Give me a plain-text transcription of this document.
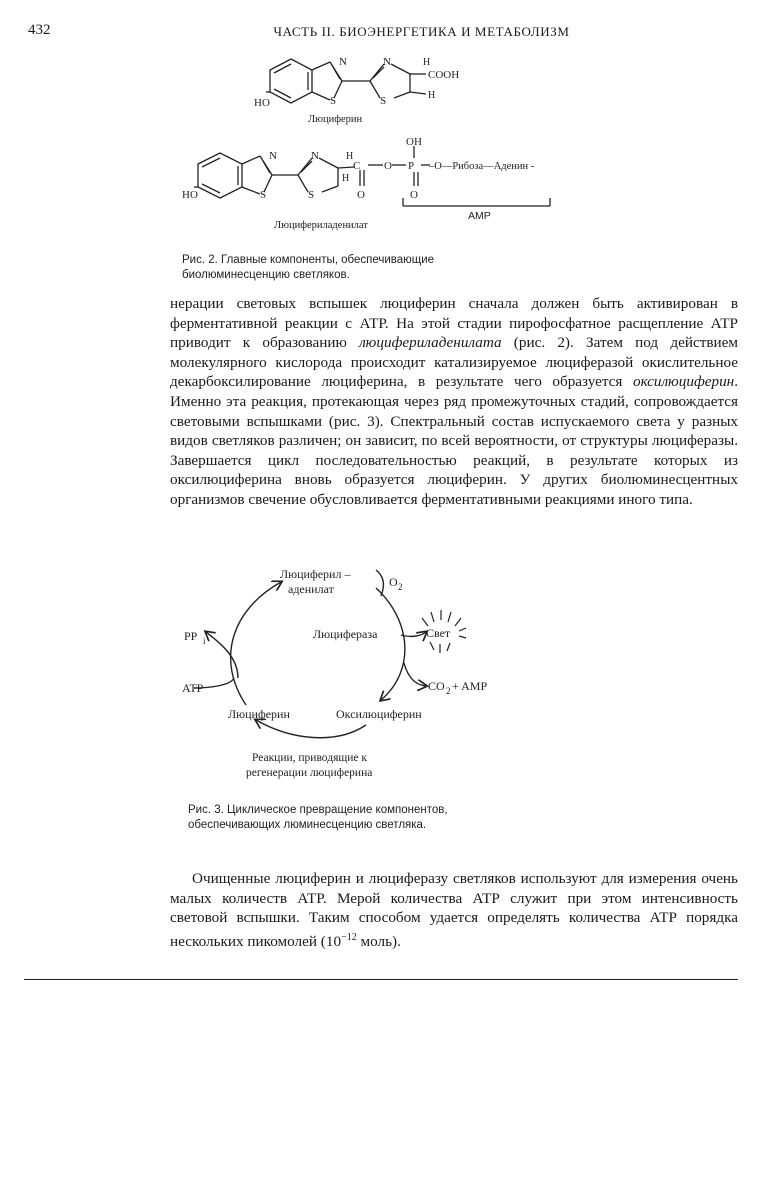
432	ЧАСТЬ II. БИОЭНЕРГЕТИКА И МЕТАБОЛИЗМ
N
S
N
S
H
COOH
H
HO
Люциферин
N
S
N
S
H
H
C
O
O P
OH
O
–O—Рибоза—Аденин -
HO
AMP
Люцифериладенилат
Рис. 2. Главные компоненты, обеспечивающие биолюминесценцию светляков.

нерации световых вспышек люциферин сначала должен быть активирован в ферментативной реакции с АТР. На этой стадии пирофосфатное расщепление АТР приводит к образованию люцифериладенилата (рис. 2). Затем под действием молекулярного кислорода происходит катализируемое люциферазой окислительное декарбоксилирование люциферина, в результате чего образуется оксилюциферин. Именно эта реакция, протекающая через ряд промежуточных стадий, сопровождается световыми вспышками (рис. 3). Спектральный состав испускаемого света у разных видов светляков различен; он зависит, по всей вероятности, от структуры люциферазы. Завершается цикл последовательностью реакций, в результате которых из оксилюциферина вновь образуется люциферин. У других биолюминесцентных организмов свечение обусловливается ферментативными реакциями иного типа.

Люциферил –
аденилат	O 2
Люцифераза	Свет
PP i
ATP	CO 2 + AMP
Люциферин	Оксилюциферин
Реакции, приводящие к
регенерации люциферина
Рис. 3. Циклическое превращение компонентов, обеспечивающих люминесценцию светляка.

Очищенные люциферин и люциферазу светляков используют для измерения очень малых количеств АТР. Мерой количества АТР служит при этом интенсивность световой вспышки. Таким способом удается определять количества АТР порядка нескольких пикомолей ($10^{-12}$ моль).
